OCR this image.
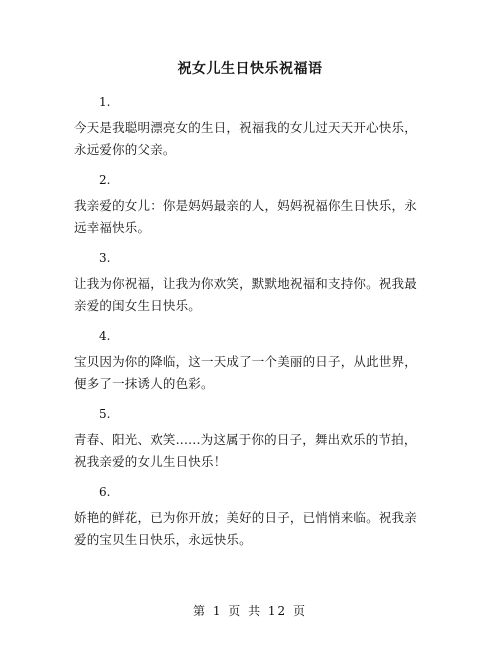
祝女儿生日快乐祝福语
1.
今天是我聪明漂亮女的生日，祝福我的女儿过天天开心快乐，永远爱你的父亲。
2.
我亲爱的女儿：你是妈妈最亲的人，妈妈祝福你生日快乐，永远幸福快乐。
3.
让我为你祝福，让我为你欢笑，默默地祝福和支持你。祝我最亲爱的闺女生日快乐。
4.
宝贝因为你的降临，这一天成了一个美丽的日子，从此世界，便多了一抹诱人的色彩。
5.
青春、阳光、欢笑......为这属于你的日子，舞出欢乐的节拍，祝我亲爱的女儿生日快乐！
6.
娇艳的鲜花，已为你开放；美好的日子，已悄悄来临。祝我亲爱的宝贝生日快乐，永远快乐。
第 1 页 共 12 页
